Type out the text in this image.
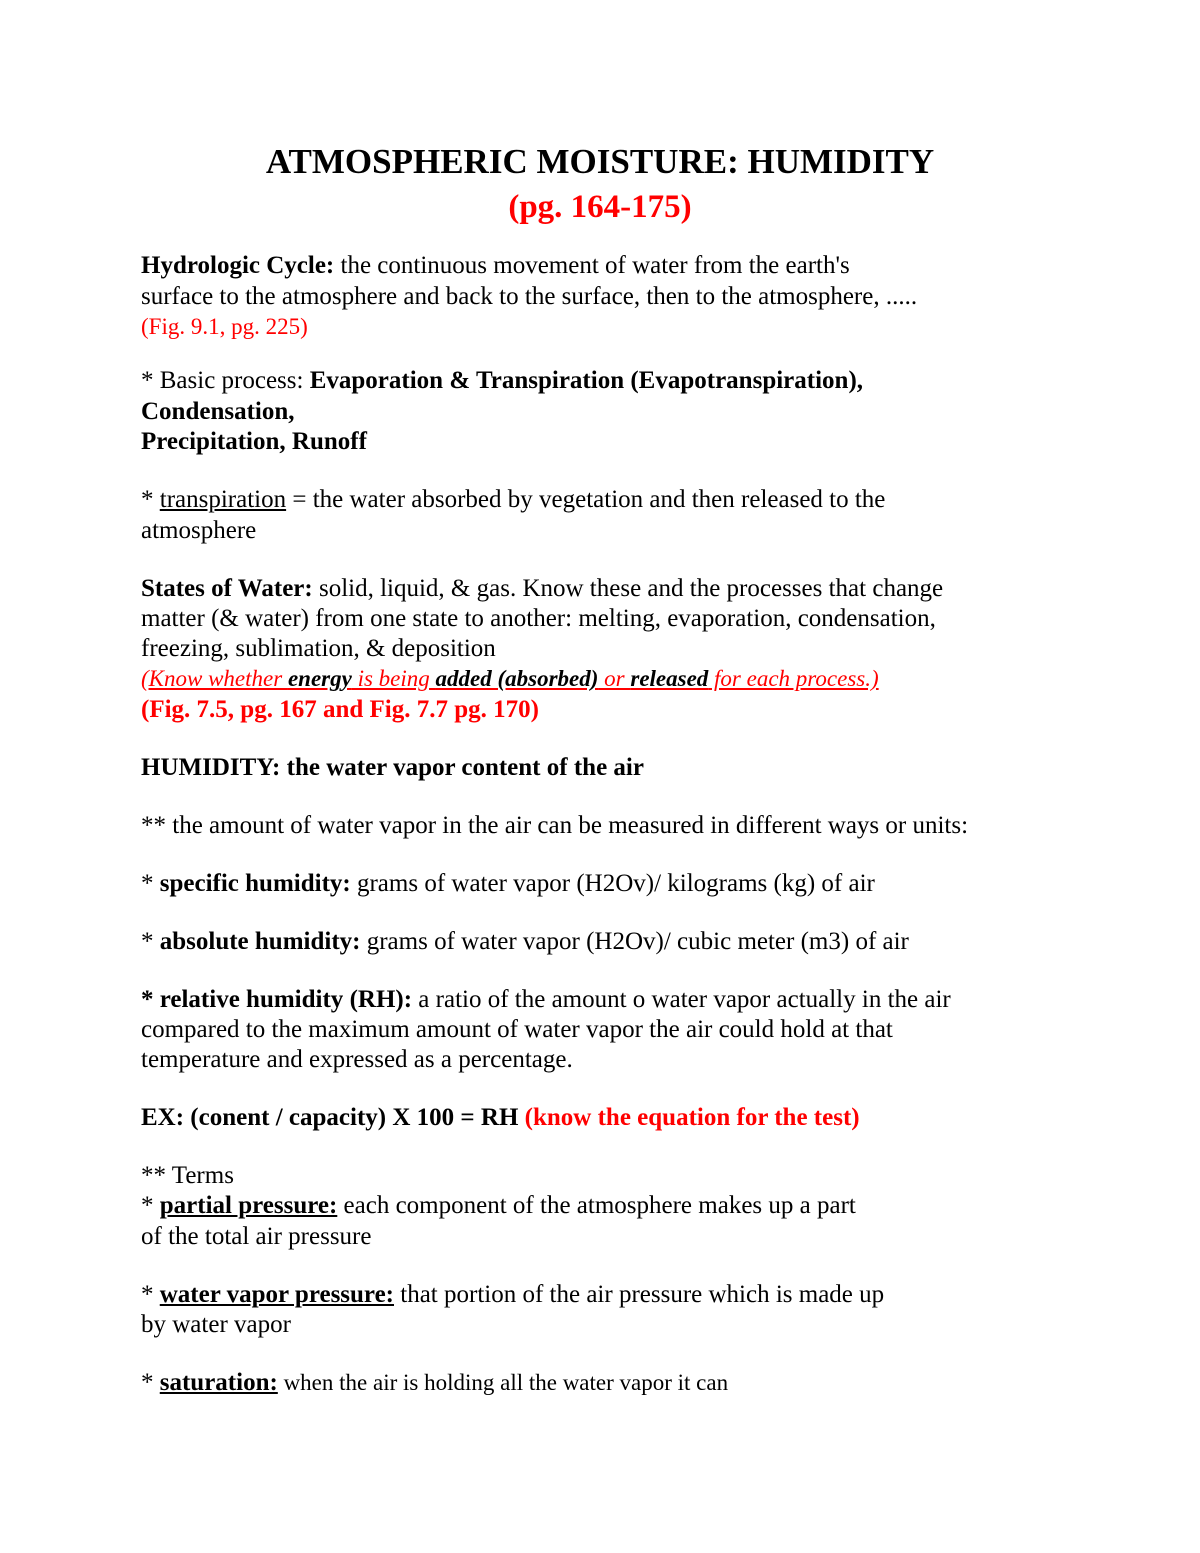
ATMOSPHERIC MOISTURE: HUMIDITY
(pg. 164-175)

Hydrologic Cycle: the continuous movement of water from the earth's

surface to the atmosphere and back to the surface, then to the atmosphere, .....

(Fig. 9.1, pg. 225)

* Basic process: Evaporation & Transpiration (Evapotranspiration),

Condensation,

Precipitation, Runoff

* transpiration = the water absorbed by vegetation and then released to the

atmosphere

States of Water: solid, liquid, & gas. Know these and the processes that change

matter (& water) from one state to another: melting, evaporation, condensation,

freezing, sublimation, & deposition

(Know whether energy is being added (absorbed) or released for each process.)

(Fig. 7.5, pg. 167 and Fig. 7.7 pg. 170)

HUMIDITY: the water vapor content of the air

** the amount of water vapor in the air can be measured in different ways or units:

* specific humidity: grams of water vapor (H2Ov)/ kilograms (kg) of air

* absolute humidity: grams of water vapor (H2Ov)/ cubic meter (m3) of air

* relative humidity (RH): a ratio of the amount o water vapor actually in the air

compared to the maximum amount of water vapor the air could hold at that

temperature and expressed as a percentage.

EX: (conent / capacity) X 100 = RH (know the equation for the test)

** Terms

* partial pressure: each component of the atmosphere makes up a part

of the total air pressure

* water vapor pressure: that portion of the air pressure which is made up

by water vapor

* saturation: when the air is holding all the water vapor it can
